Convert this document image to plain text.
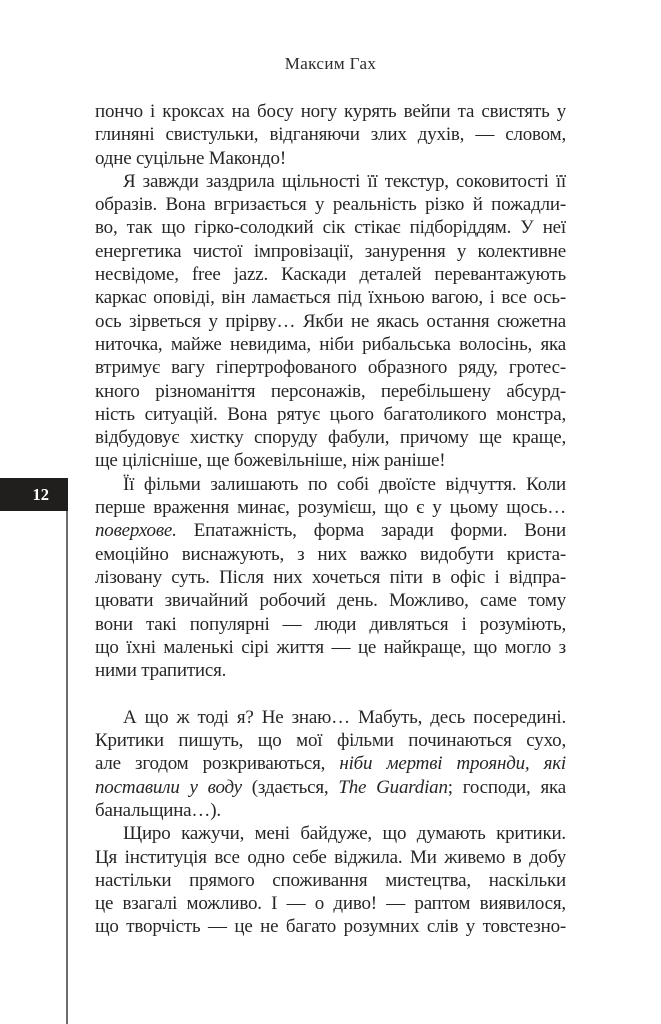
Максим Гах
12
пончо і кроксах на босу ногу курять вейпи та свистять у
глиняні свистульки, відганяючи злих духів, — словом,
одне суцільне Макондо!
Я завжди заздрила щільності її текстур, соковитості її
образів. Вона вгризається у реальність різко й пожадли-
во, так що гірко-солодкий сік стікає підборіддям. У неї
енергетика чистої імпровізації, занурення у колективне
несвідоме, free jazz. Каскади деталей перевантажують
каркас оповіді, він ламається під їхньою вагою, і все ось-
ось зірветься у прірву… Якби не якась остання сюжетна
ниточка, майже невидима, ніби рибальська волосінь, яка
втримує вагу гіпертрофованого образного ряду, гротес-
кного різноманіття персонажів, перебільшену абсурд-
ність ситуацій. Вона рятує цього багатоликого монстра,
відбудовує хистку споруду фабули, причому ще краще,
ще цілісніше, ще божевільніше, ніж раніше!
Її фільми залишають по собі двоїсте відчуття. Коли
перше враження минає, розумієш, що є у цьому щось…
поверхове. Епатажність, форма заради форми. Вони
емоційно виснажують, з них важко видобути криста-
лізовану суть. Після них хочеться піти в офіс і відпра-
цювати звичайний робочий день. Можливо, саме тому
вони такі популярні — люди дивляться і розуміють,
що їхні маленькі сірі життя — це найкраще, що могло з
ними трапитися.
А що ж тоді я? Не знаю… Мабуть, десь посередині.
Критики пишуть, що мої фільми починаються сухо,
але згодом розкриваються, ніби мертві троянди, які
поставили у воду (здається, The Guardian; господи, яка
банальщина…).
Щиро кажучи, мені байдуже, що думають критики.
Ця інституція все одно себе віджила. Ми живемо в добу
настільки прямого споживання мистецтва, наскільки
це взагалі можливо. І — о диво! — раптом виявилося,
що творчість — це не багато розумних слів у товстезно-
